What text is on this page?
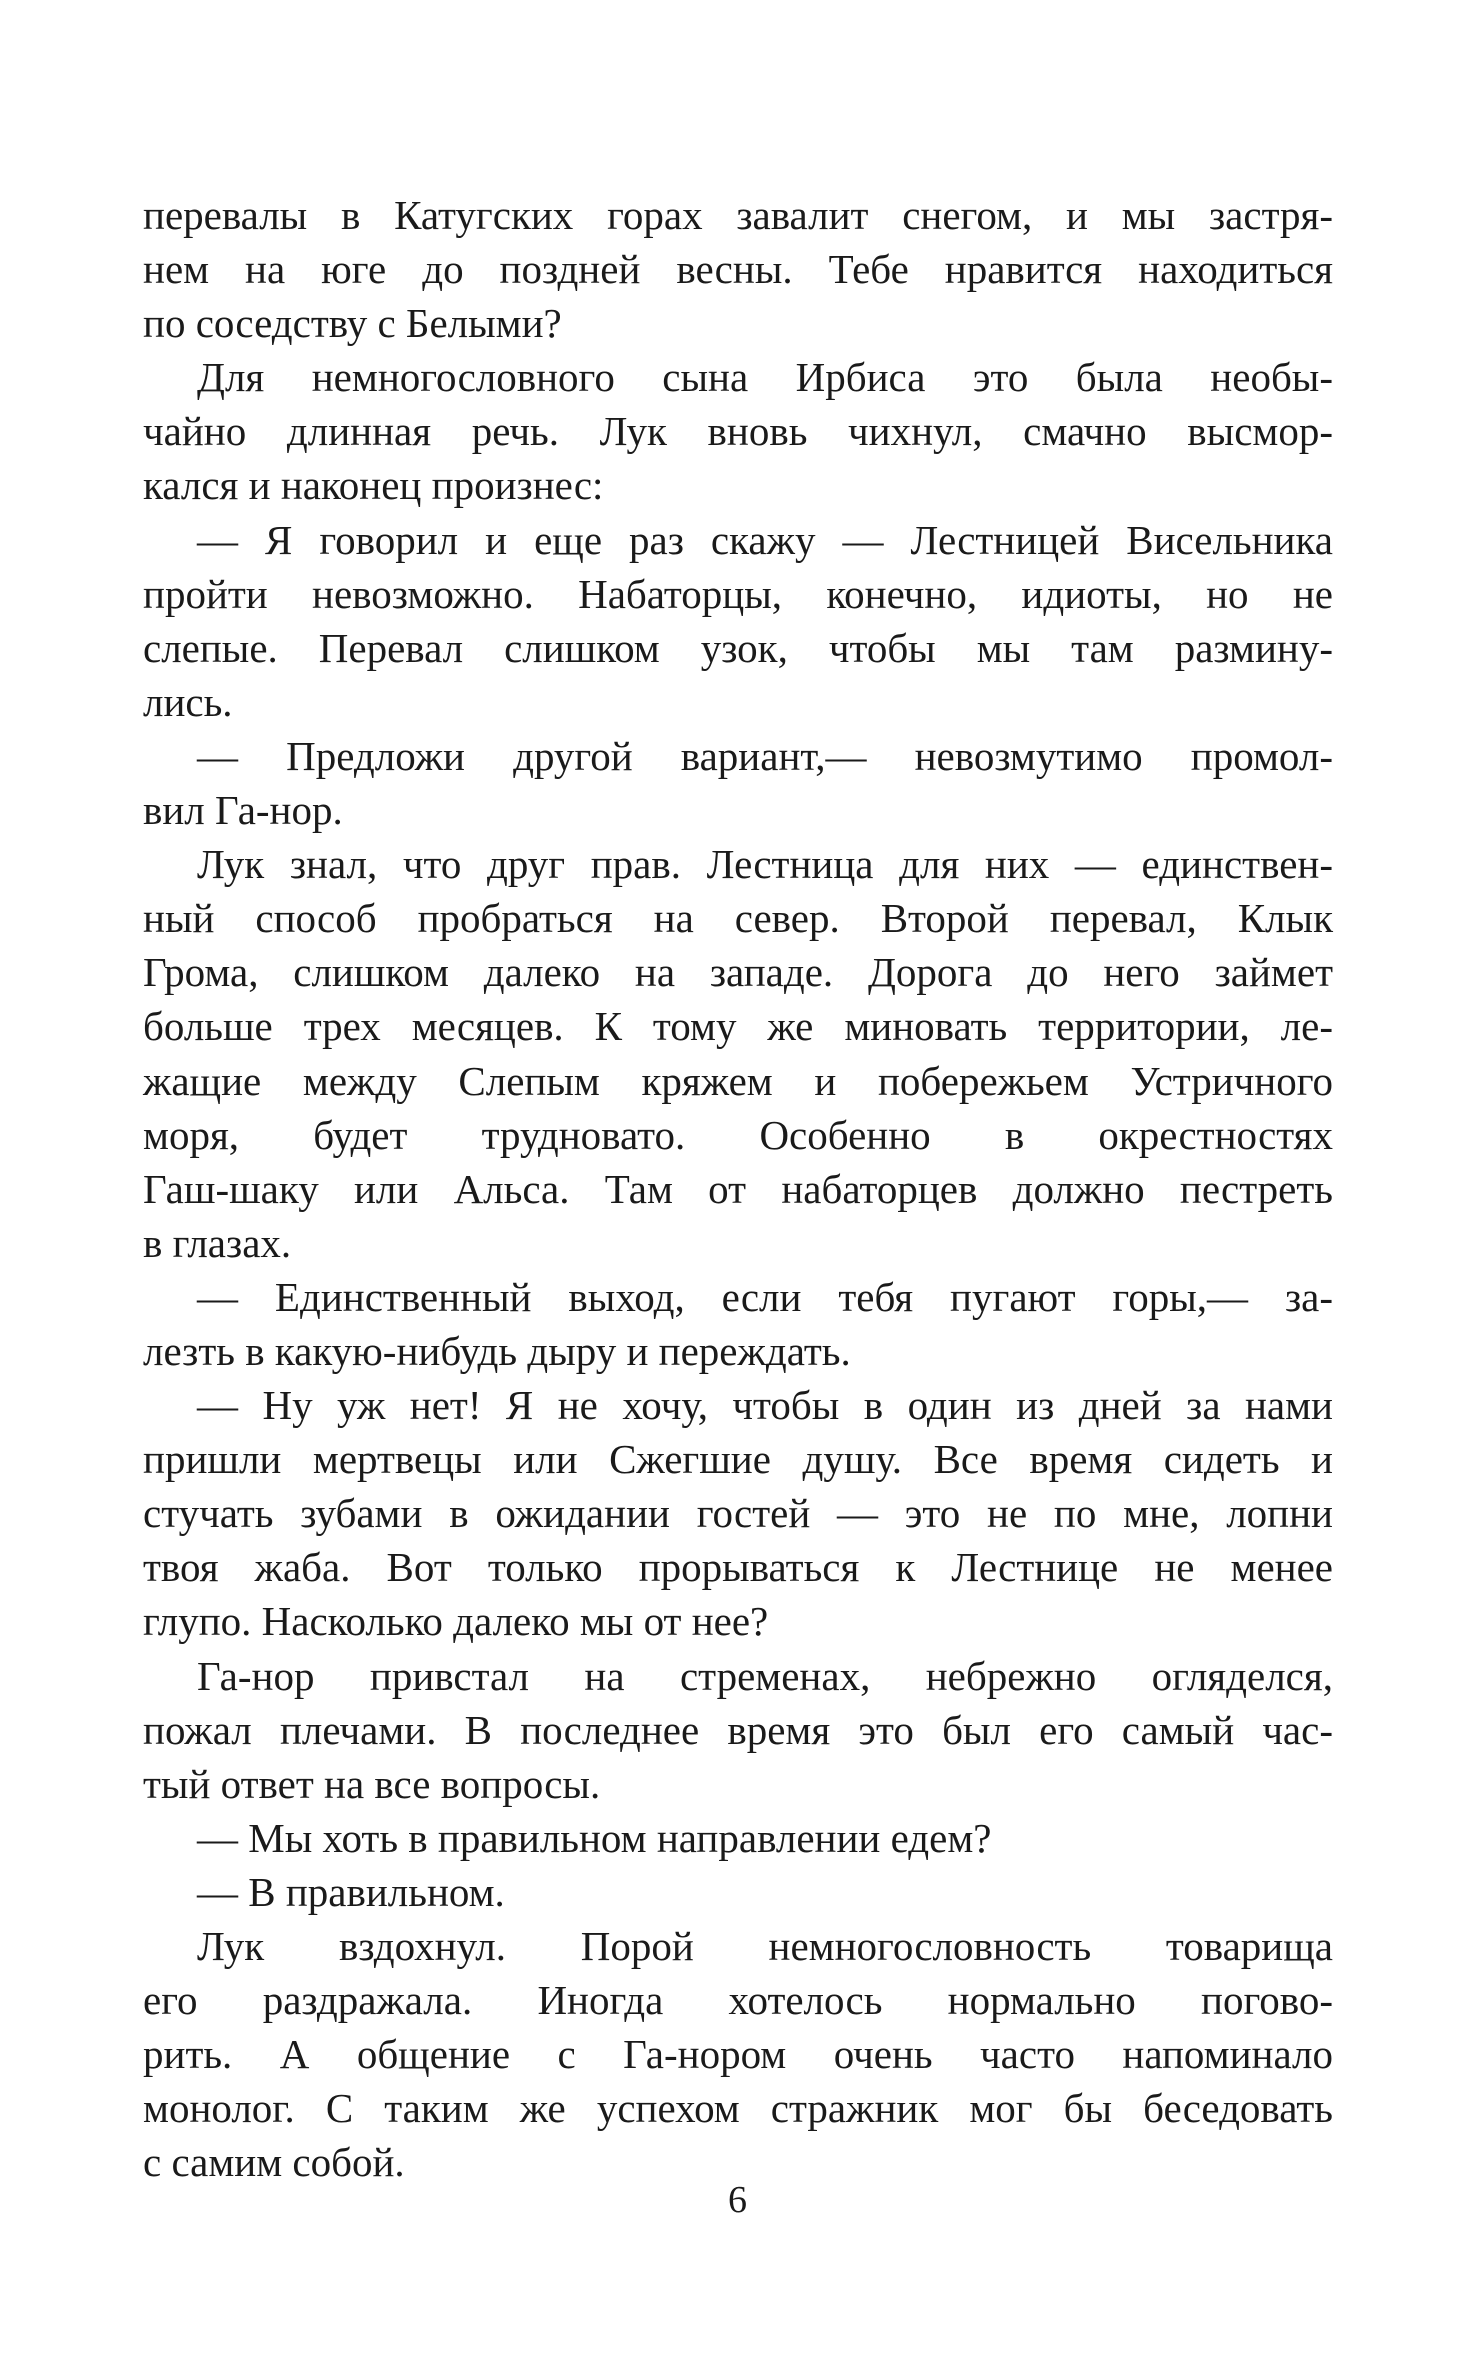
перевалы в Катугских горах завалит снегом, и мы застря-
нем на юге до поздней весны. Тебе нравится находиться
по соседству с Белыми?
Для немногословного сына Ирбиса это была необы-
чайно длинная речь. Лук вновь чихнул, смачно высмор-
кался и наконец произнес:
— Я говорил и еще раз скажу — Лестницей Висельника
пройти невозможно. Набаторцы, конечно, идиоты, но не
слепые. Перевал слишком узок, чтобы мы там размину-
лись.
— Предложи другой вариант,— невозмутимо промол-
вил Га-нор.
Лук знал, что друг прав. Лестница для них — единствен-
ный способ пробраться на север. Второй перевал, Клык
Грома, слишком далеко на западе. Дорога до него займет
больше трех месяцев. К тому же миновать территории, ле-
жащие между Слепым кряжем и побережьем Устричного
моря, будет трудновато. Особенно в окрестностях
Гаш-шаку или Альса. Там от набаторцев должно пестреть
в глазах.
— Единственный выход, если тебя пугают горы,— за-
лезть в какую-нибудь дыру и переждать.
— Ну уж нет! Я не хочу, чтобы в один из дней за нами
пришли мертвецы или Сжегшие душу. Все время сидеть и
стучать зубами в ожидании гостей — это не по мне, лопни
твоя жаба. Вот только прорываться к Лестнице не менее
глупо. Насколько далеко мы от нее?
Га-нор привстал на стременах, небрежно огляделся,
пожал плечами. В последнее время это был его самый час-
тый ответ на все вопросы.
— Мы хоть в правильном направлении едем?
— В правильном.
Лук вздохнул. Порой немногословность товарища
его раздражала. Иногда хотелось нормально погово-
рить. А общение с Га-нором очень часто напоминало
монолог. С таким же успехом стражник мог бы беседовать
с самим собой.
6
